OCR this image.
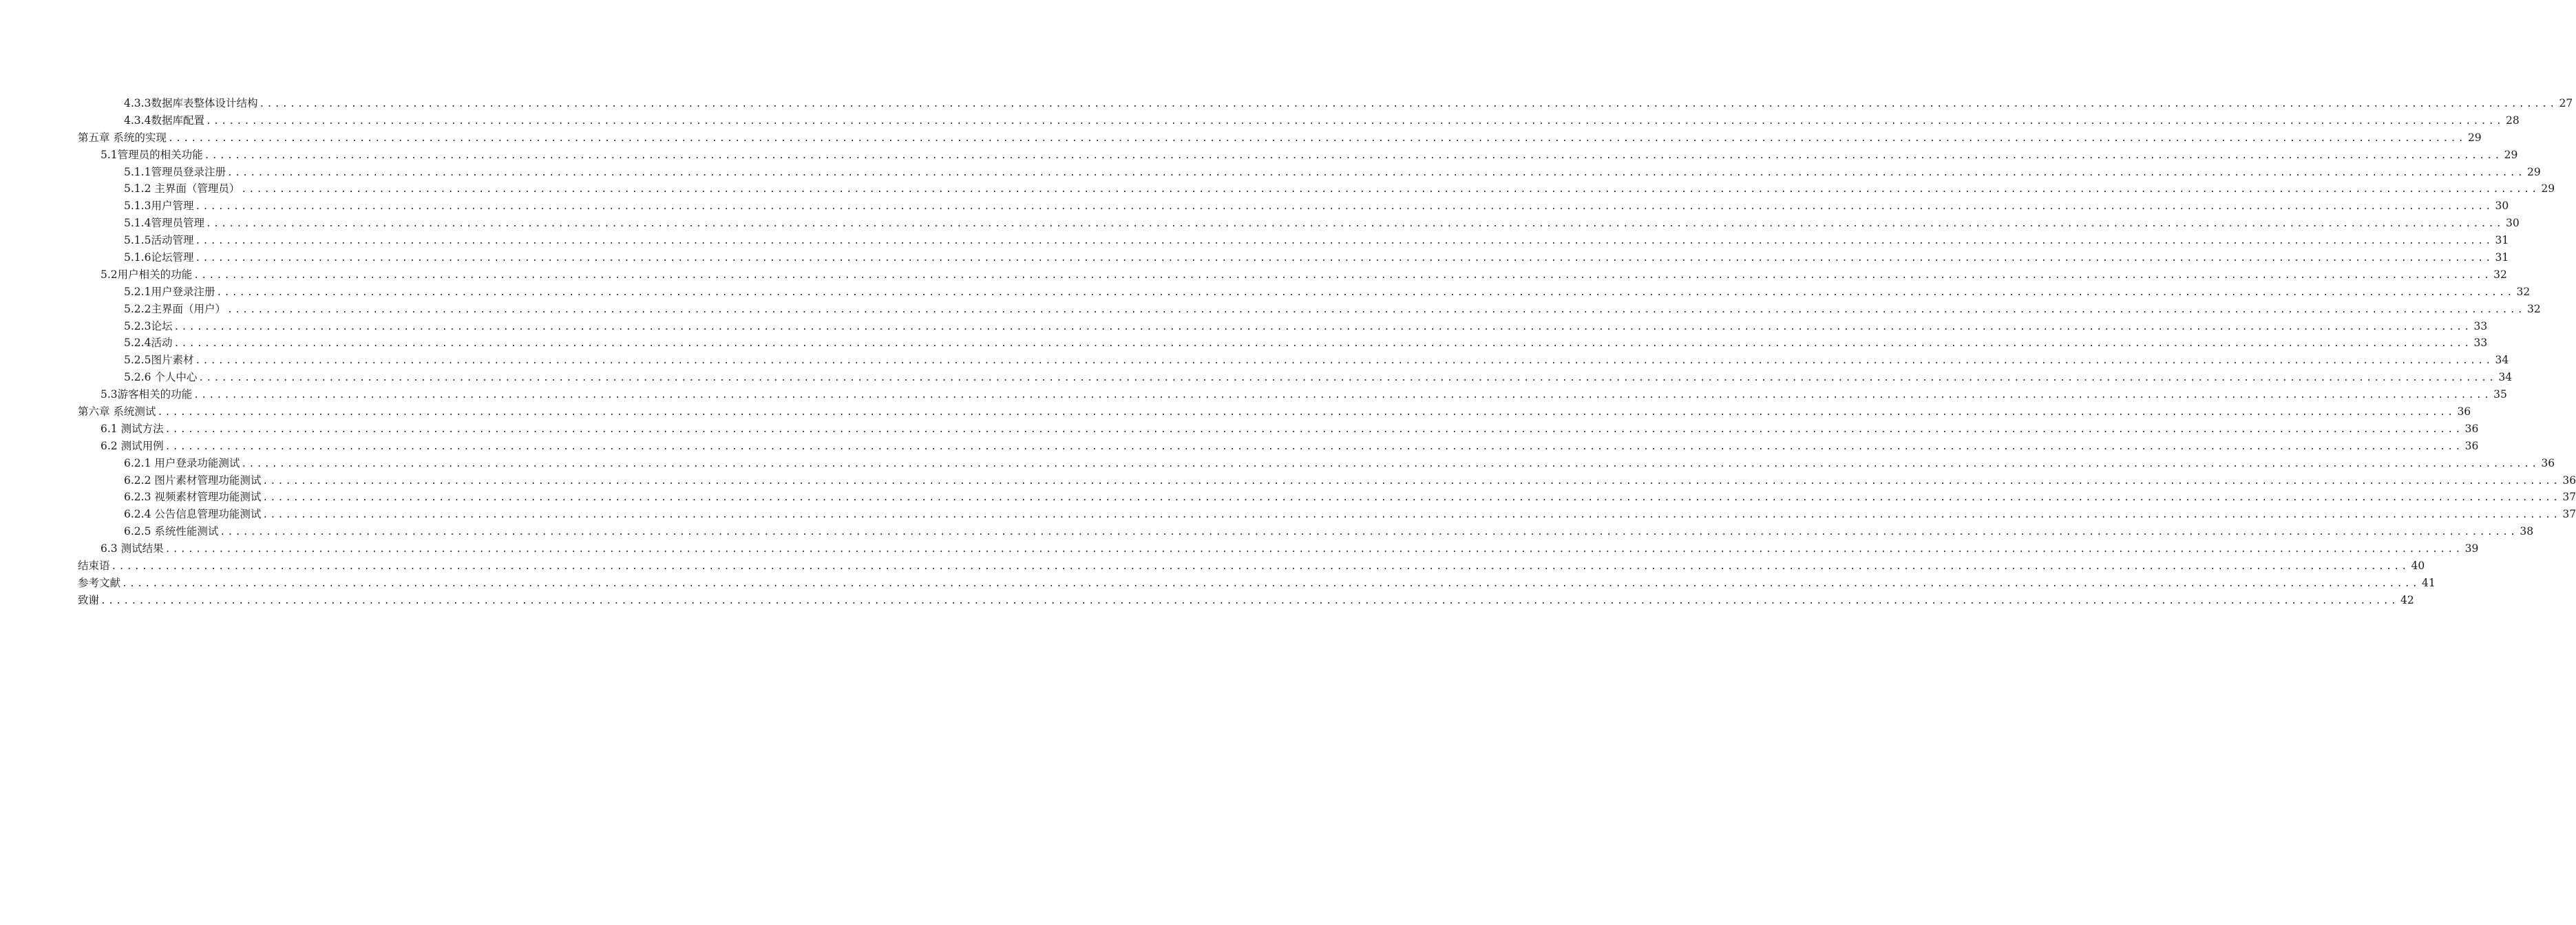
4.3.3数据库表整体设计结构 ............................................................................................................................................................................................................................................................................................................ 27
4.3.4数据库配置 ............................................................................................................................................................................................................................................................................................................ 28
第五章 系统的实现 ............................................................................................................................................................................................................................................................................................................ 29
5.1管理员的相关功能 ............................................................................................................................................................................................................................................................................................................ 29
5.1.1管理员登录注册 ............................................................................................................................................................................................................................................................................................................ 29
5.1.2 主界面（管理员） ............................................................................................................................................................................................................................................................................................................ 29
5.1.3用户管理 ............................................................................................................................................................................................................................................................................................................ 30
5.1.4管理员管理 ............................................................................................................................................................................................................................................................................................................ 30
5.1.5活动管理 ............................................................................................................................................................................................................................................................................................................ 31
5.1.6论坛管理 ............................................................................................................................................................................................................................................................................................................ 31
5.2用户相关的功能 ............................................................................................................................................................................................................................................................................................................ 32
5.2.1用户登录注册 ............................................................................................................................................................................................................................................................................................................ 32
5.2.2主界面（用户） ............................................................................................................................................................................................................................................................................................................ 32
5.2.3论坛 ............................................................................................................................................................................................................................................................................................................ 33
5.2.4活动 ............................................................................................................................................................................................................................................................................................................ 33
5.2.5图片素材 ............................................................................................................................................................................................................................................................................................................ 34
5.2.6 个人中心 ............................................................................................................................................................................................................................................................................................................ 34
5.3游客相关的功能 ............................................................................................................................................................................................................................................................................................................ 35
第六章 系统测试 ............................................................................................................................................................................................................................................................................................................ 36
6.1 测试方法 ............................................................................................................................................................................................................................................................................................................ 36
6.2 测试用例 ............................................................................................................................................................................................................................................................................................................ 36
6.2.1 用户登录功能测试 ............................................................................................................................................................................................................................................................................................................ 36
6.2.2 图片素材管理功能测试 ............................................................................................................................................................................................................................................................................................................ 36
6.2.3 视频素材管理功能测试 ............................................................................................................................................................................................................................................................................................................ 37
6.2.4 公告信息管理功能测试 ............................................................................................................................................................................................................................................................................................................ 37
6.2.5 系统性能测试 ............................................................................................................................................................................................................................................................................................................ 38
6.3 测试结果 ............................................................................................................................................................................................................................................................................................................ 39
结束语 ............................................................................................................................................................................................................................................................................................................ 40
参考文献 ............................................................................................................................................................................................................................................................................................................ 41
致谢 ............................................................................................................................................................................................................................................................................................................ 42
